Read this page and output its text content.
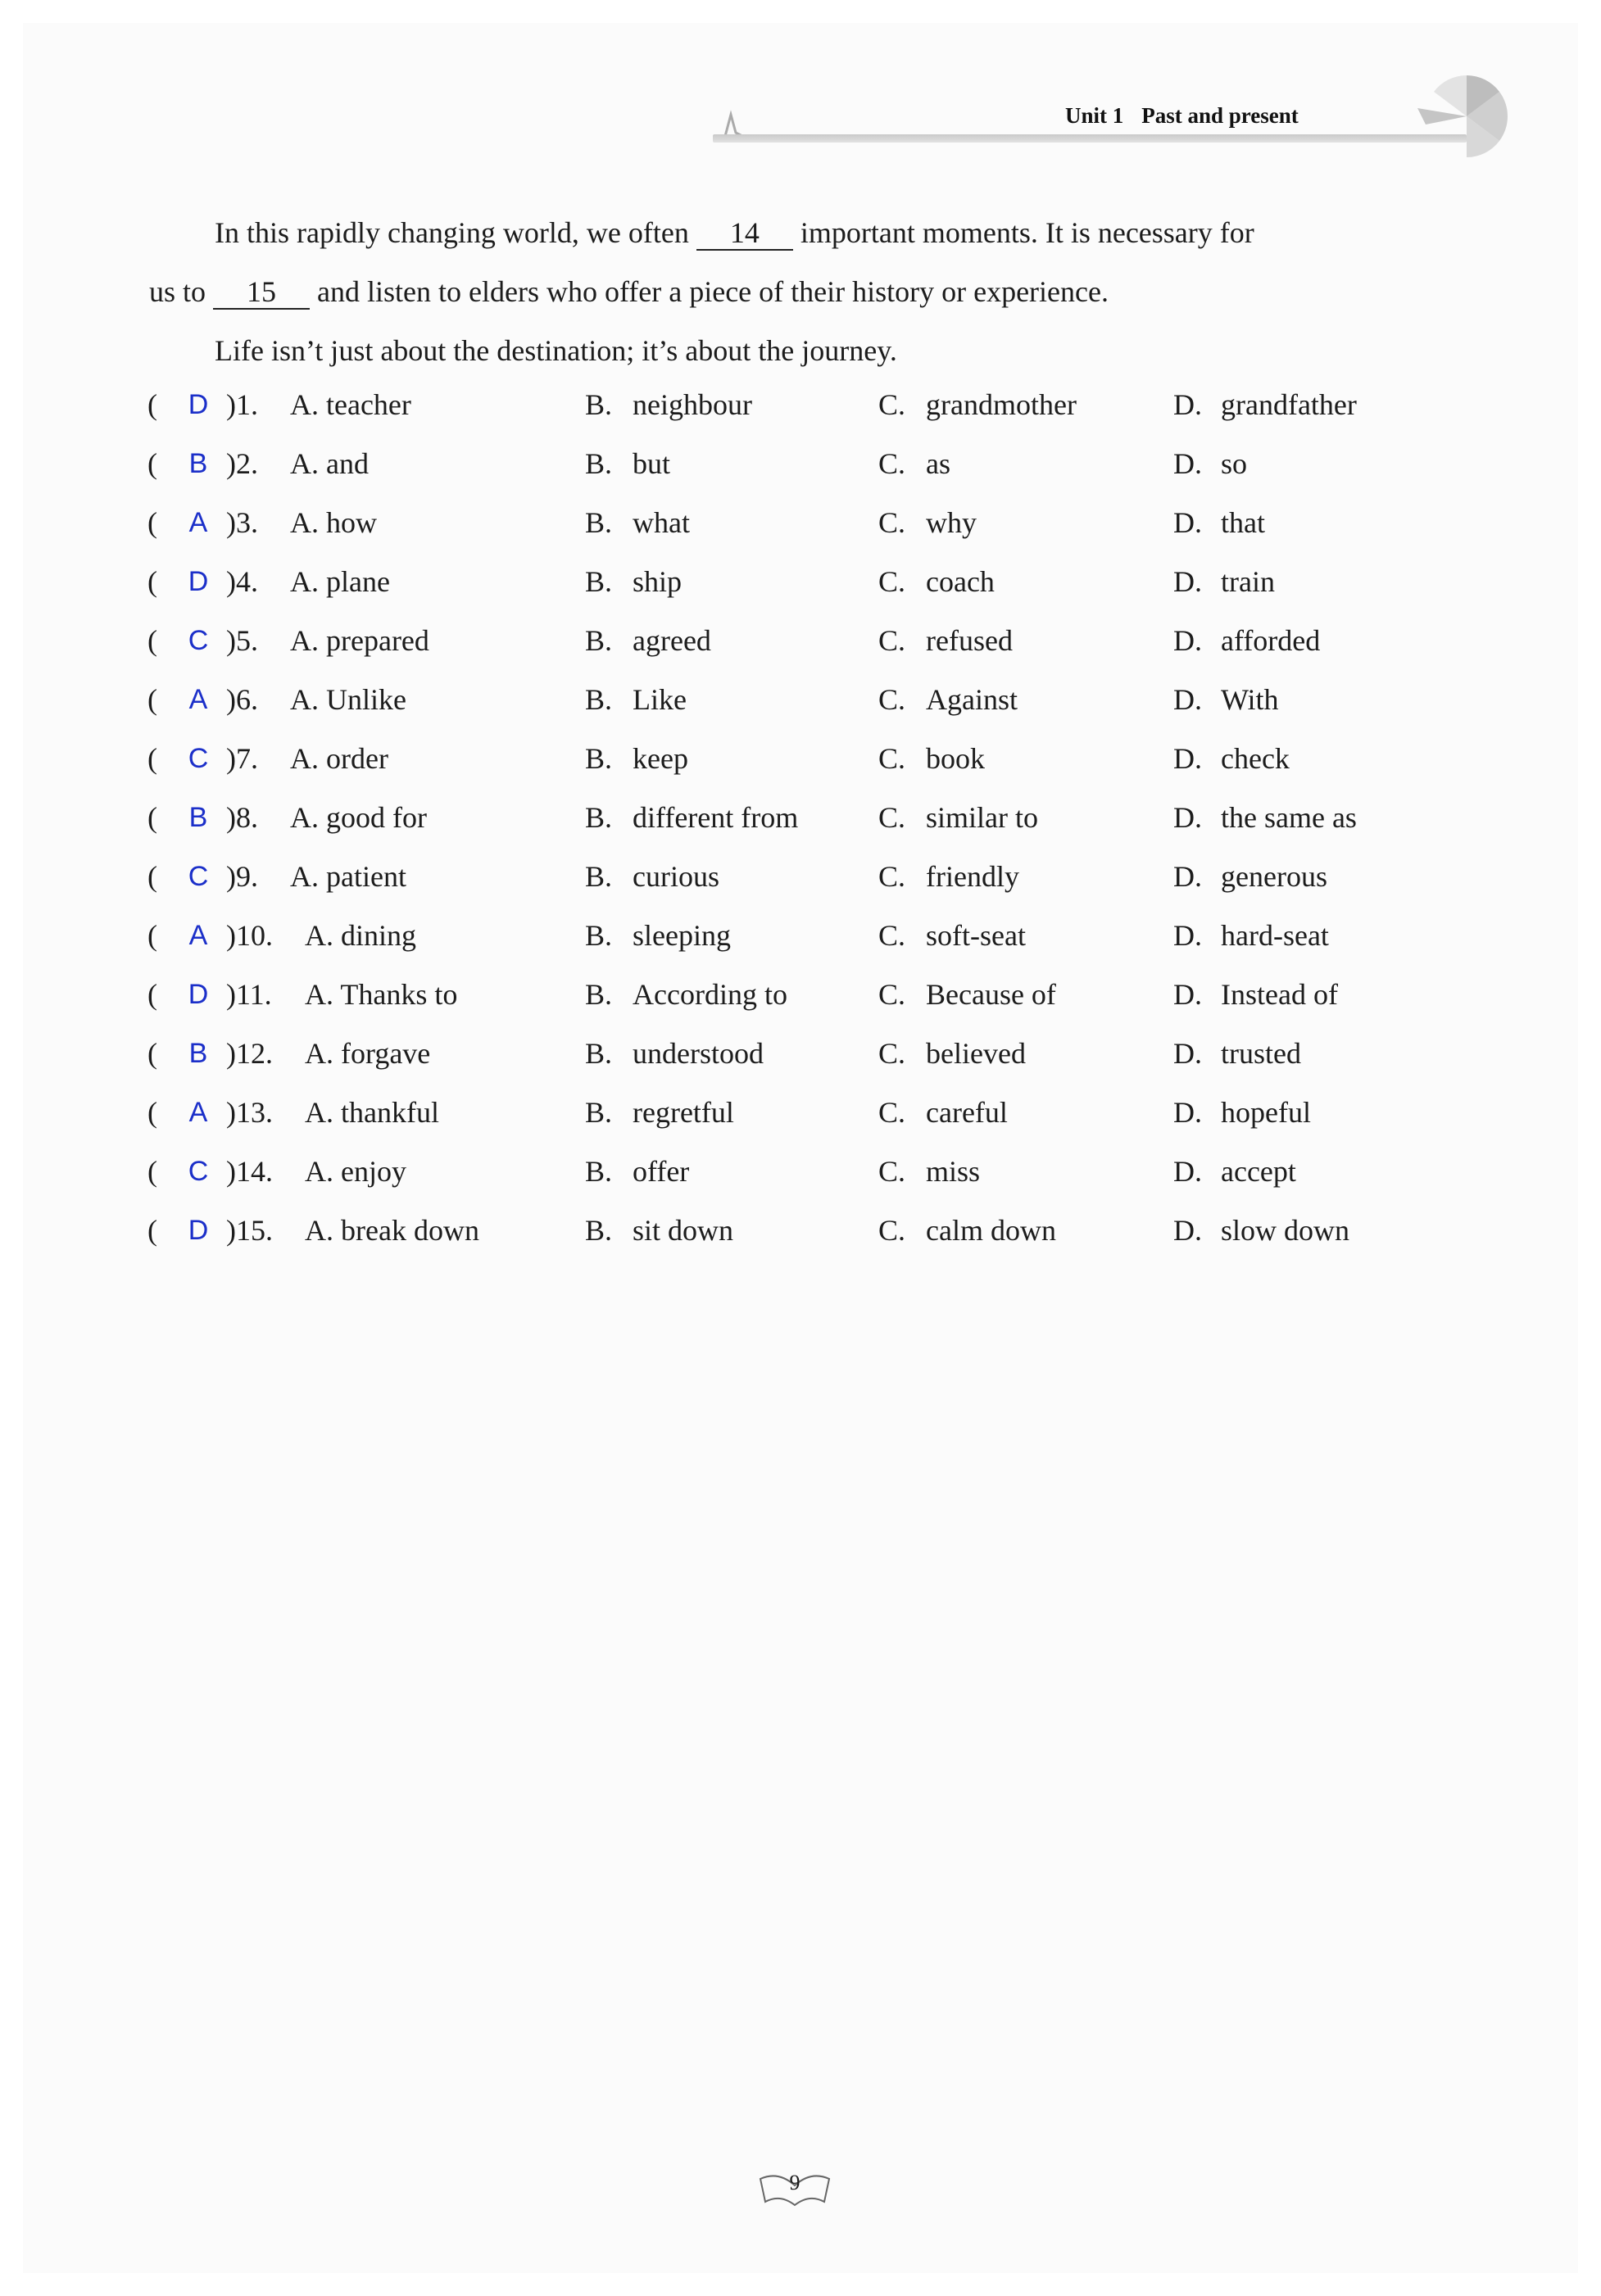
Unit 1 Past and present

In this rapidly changing world, we often 14 important moments. It is necessary for

us to 15 and listen to elders who offer a piece of their history or experience.

Life isn’t just about the destination; it’s about the journey.

( D )1. A. teacher	B. neighbour	C. grandmother	D. grandfather
( B )2. A. and	B. but	C. as	D. so
( A )3. A. how	B. what	C. why	D. that
( D )4. A. plane	B. ship	C. coach	D. train
( C )5. A. prepared	B. agreed	C. refused	D. afforded
( A )6. A. Unlike	B. Like	C. Against	D. With
( C )7. A. order	B. keep	C. book	D. check
( B )8. A. good for	B. different from	C. similar to	D. the same as
( C )9. A. patient	B. curious	C. friendly	D. generous
( A )10. A. dining	B. sleeping	C. soft-seat	D. hard-seat
( D )11. A. Thanks to	B. According to	C. Because of	D. Instead of
( B )12. A. forgave	B. understood	C. believed	D. trusted
( A )13. A. thankful	B. regretful	C. careful	D. hopeful
( C )14. A. enjoy	B. offer	C. miss	D. accept
( D )15. A. break down	B. sit down	C. calm down	D. slow down
9
